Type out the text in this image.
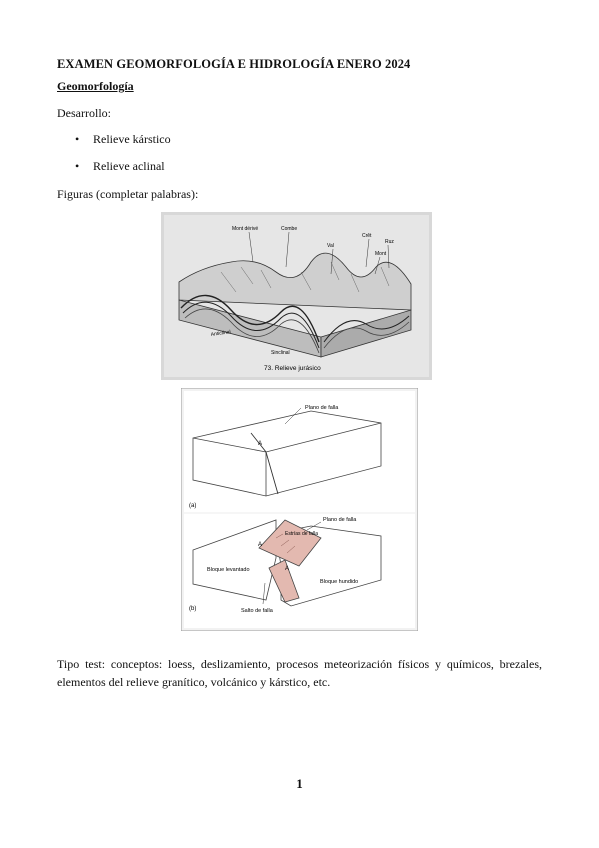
EXAMEN GEOMORFOLOGÍA E HIDROLOGÍA ENERO 2024
Geomorfología
Desarrollo:
• Relieve kárstico
• Relieve aclinal
Figuras (completar palabras):
Mont dérivé	Combe
Val
Crêt
Ruz
Mont
Anticlinal
Sinclinal
73. Relieve jurásico
Plano de falla
A
(a)
Plano de falla
Estrías de falla
Bloque levantado
Bloque hundido
A
A
Salto de falla
(b)
Tipo test: conceptos: loess, deslizamiento, procesos meteorización físicos y químicos, brezales, elementos del relieve granítico, volcánico y kárstico, etc.
1
